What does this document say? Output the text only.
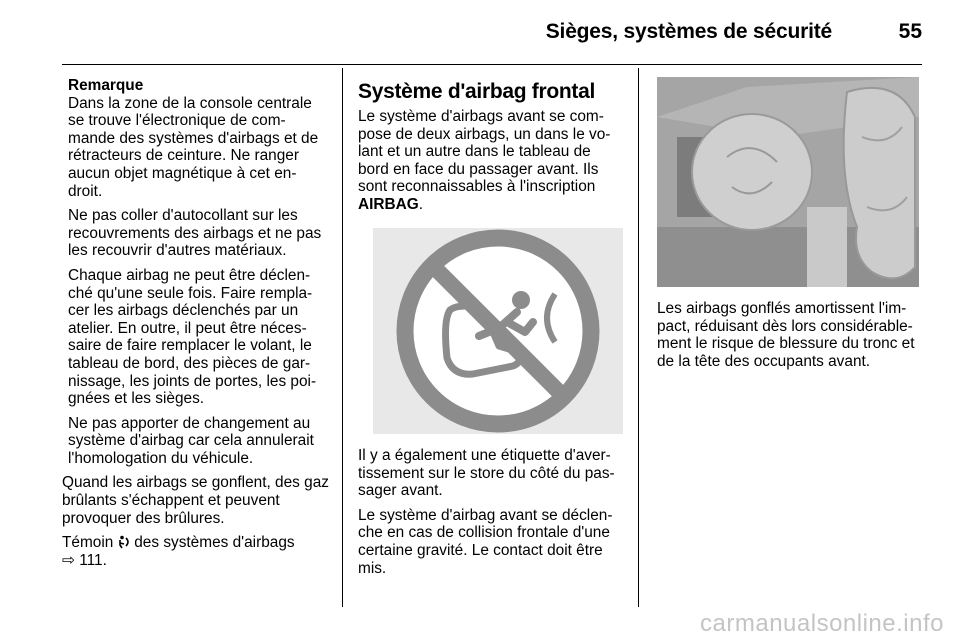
Sièges, systèmes de sécurité	55

Remarque

Dans la zone de la console centrale se trouve l'électronique de com-mande des systèmes d'airbags et de rétracteurs de ceinture. Ne ranger aucun objet magnétique à cet en-droit.

Ne pas coller d'autocollant sur les recouvrements des airbags et ne pas les recouvrir d'autres matériaux.

Chaque airbag ne peut être déclen-ché qu'une seule fois. Faire rempla-cer les airbags déclenchés par un atelier. En outre, il peut être néces-saire de faire remplacer le volant, le tableau de bord, des pièces de gar-nissage, les joints de portes, les poi-gnées et les sièges.

Ne pas apporter de changement au système d'airbag car cela annulerait l'homologation du véhicule.

Quand les airbags se gonflent, des gaz brûlants s'échappent et peuvent provoquer des brûlures.

Témoin des systèmes d'airbags
⇨ 111.

Système d'airbag frontal

Le système d'airbags avant se com-pose de deux airbags, un dans le vo-lant et un autre dans le tableau de bord en face du passager avant. Ils sont reconnaissables à l'inscription AIRBAG.

Il y a également une étiquette d'aver-tissement sur le store du côté du pas-sager avant.

Le système d'airbag avant se déclen-che en cas de collision frontale d'une certaine gravité. Le contact doit être mis.

Les airbags gonflés amortissent l'im-pact, réduisant dès lors considérable-ment le risque de blessure du tronc et de la tête des occupants avant.

carmanualsonline.info
